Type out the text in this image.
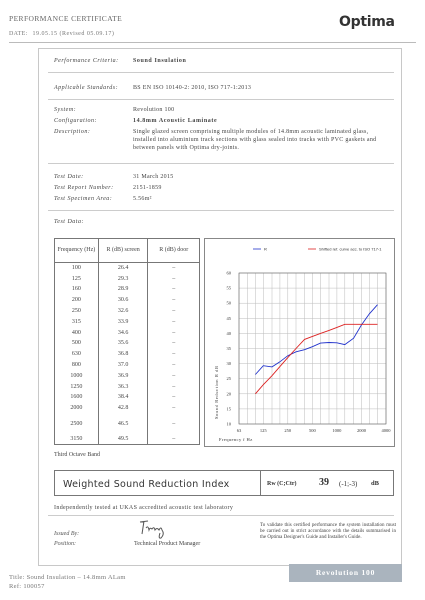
PERFORMANCE CERTIFICATE
DATE: 19.05.15 (Revised 05.09.17)
Optima
Performance Criteria: Sound Insulation
Applicable Standards: BS EN ISO 10140-2: 2010, ISO 717-1:2013
System:	Revolution 100
Configuration:	14.8mm Acoustic Laminate
Description:	Single glazed screen comprising multiple modules of 14.8mm acoustic laminated glass, installed into aluminium track sections with glass sealed into tracks with PVC gaskets and between panels with Optima dry-joints.
Test Date:	31 March 2015
Test Report Number:	2151-1859
Test Specimen Area:	5.56m²
Test Data:
Frequency (Hz)	R (dB) screen	R (dB) door
100	26.4	–
125	29.3	–
160	28.9	–
200	30.6	–
250	32.6	–
315	33.9	–
400	34.6	–
500	35.6	–
630	36.8	–
800	37.0	–
1000	36.9	–
1250	36.3	–
1600	38.4	–
2000	42.8	–
2500	46.5	–
3150	49.5	–
10
15
20
25
30
35
40
45
50
55
60
63	125	250	500	1000	2000	4000
Sound Reduction R dB
Frequency f Hz
R	Shifted ref. curve acc. to ISO 717-1
Third Octave Band
Weighted Sound Reduction Index	Rw (C;Ctr) 39 (-1;-3) dB
Independently tested at UKAS accredited acoustic test laboratory
Issued By:
Position:	Technical Product Manager
To validate this certified performance the system installation must be carried out in strict accordance with the details summarised in the Optima Designer's Guide and Installer's Guide.
Title: Sound Insulation – 14.8mm ALam
Ref: 100057
Revolution 100
